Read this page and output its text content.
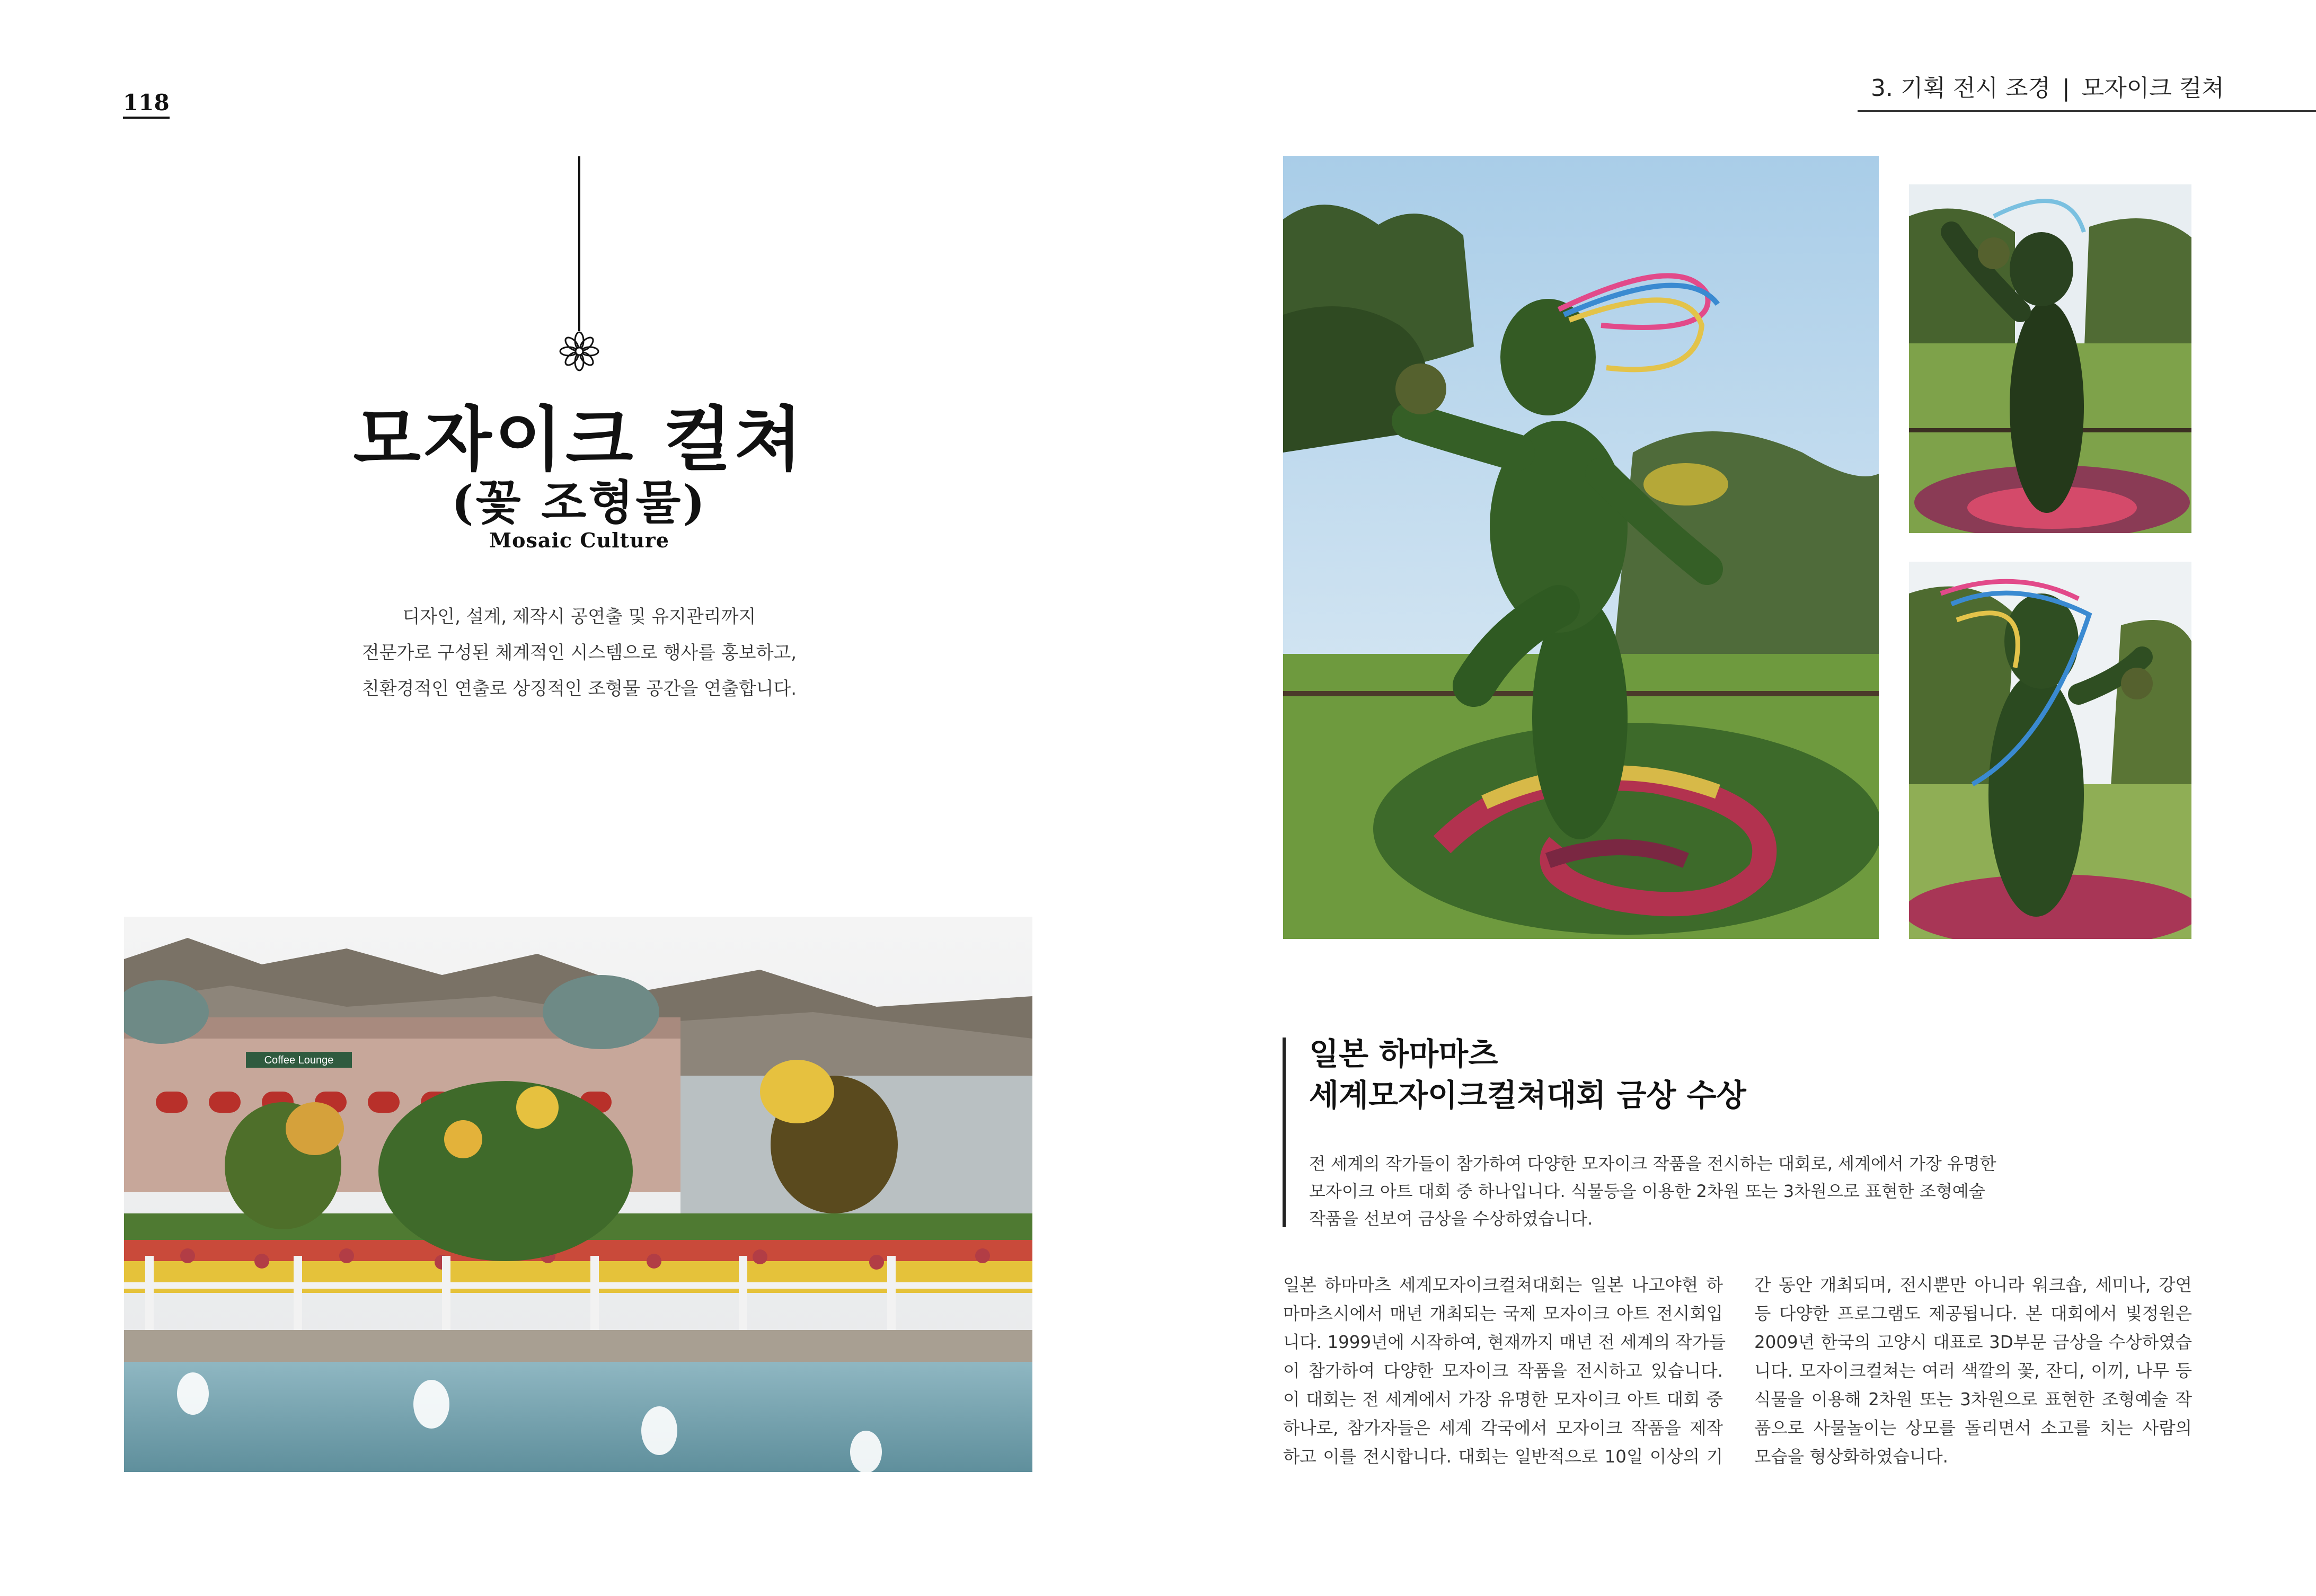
118
모자이크 컬쳐
(꽃 조형물)
Mosaic Culture
디자인, 설계, 제작시 공연출 및 유지관리까지
전문가로 구성된 체계적인 시스템으로 행사를 홍보하고,
친환경적인 연출로 상징적인 조형물 공간을 연출합니다.
Coffee Lounge
3. 기획 전시 조경 | 모자이크 컬쳐
일본 하마마츠
세계모자이크컬쳐대회 금상 수상
전 세계의 작가들이 참가하여 다양한 모자이크 작품을 전시하는 대회로, 세계에서 가장 유명한
모자이크 아트 대회 중 하나입니다. 식물등을 이용한 2차원 또는 3차원으로 표현한 조형예술
작품을 선보여 금상을 수상하였습니다.
일본 하마마츠 세계모자이크컬쳐대회는 일본 나고야현 하
마마츠시에서 매년 개최되는 국제 모자이크 아트 전시회입
니다. 1999년에 시작하여, 현재까지 매년 전 세계의 작가들
이 참가하여 다양한 모자이크 작품을 전시하고 있습니다.
이 대회는 전 세계에서 가장 유명한 모자이크 아트 대회 중
하나로, 참가자들은 세계 각국에서 모자이크 작품을 제작
하고 이를 전시합니다. 대회는 일반적으로 10일 이상의 기
간 동안 개최되며, 전시뿐만 아니라 워크숍, 세미나, 강연
등 다양한 프로그램도 제공됩니다. 본 대회에서 빛정원은
2009년 한국의 고양시 대표로 3D부문 금상을 수상하였습
니다. 모자이크컬쳐는 여러 색깔의 꽃, 잔디, 이끼, 나무 등
식물을 이용해 2차원 또는 3차원으로 표현한 조형예술 작
품으로 사물놀이는 상모를 돌리면서 소고를 치는 사람의
모습을 형상화하였습니다.
